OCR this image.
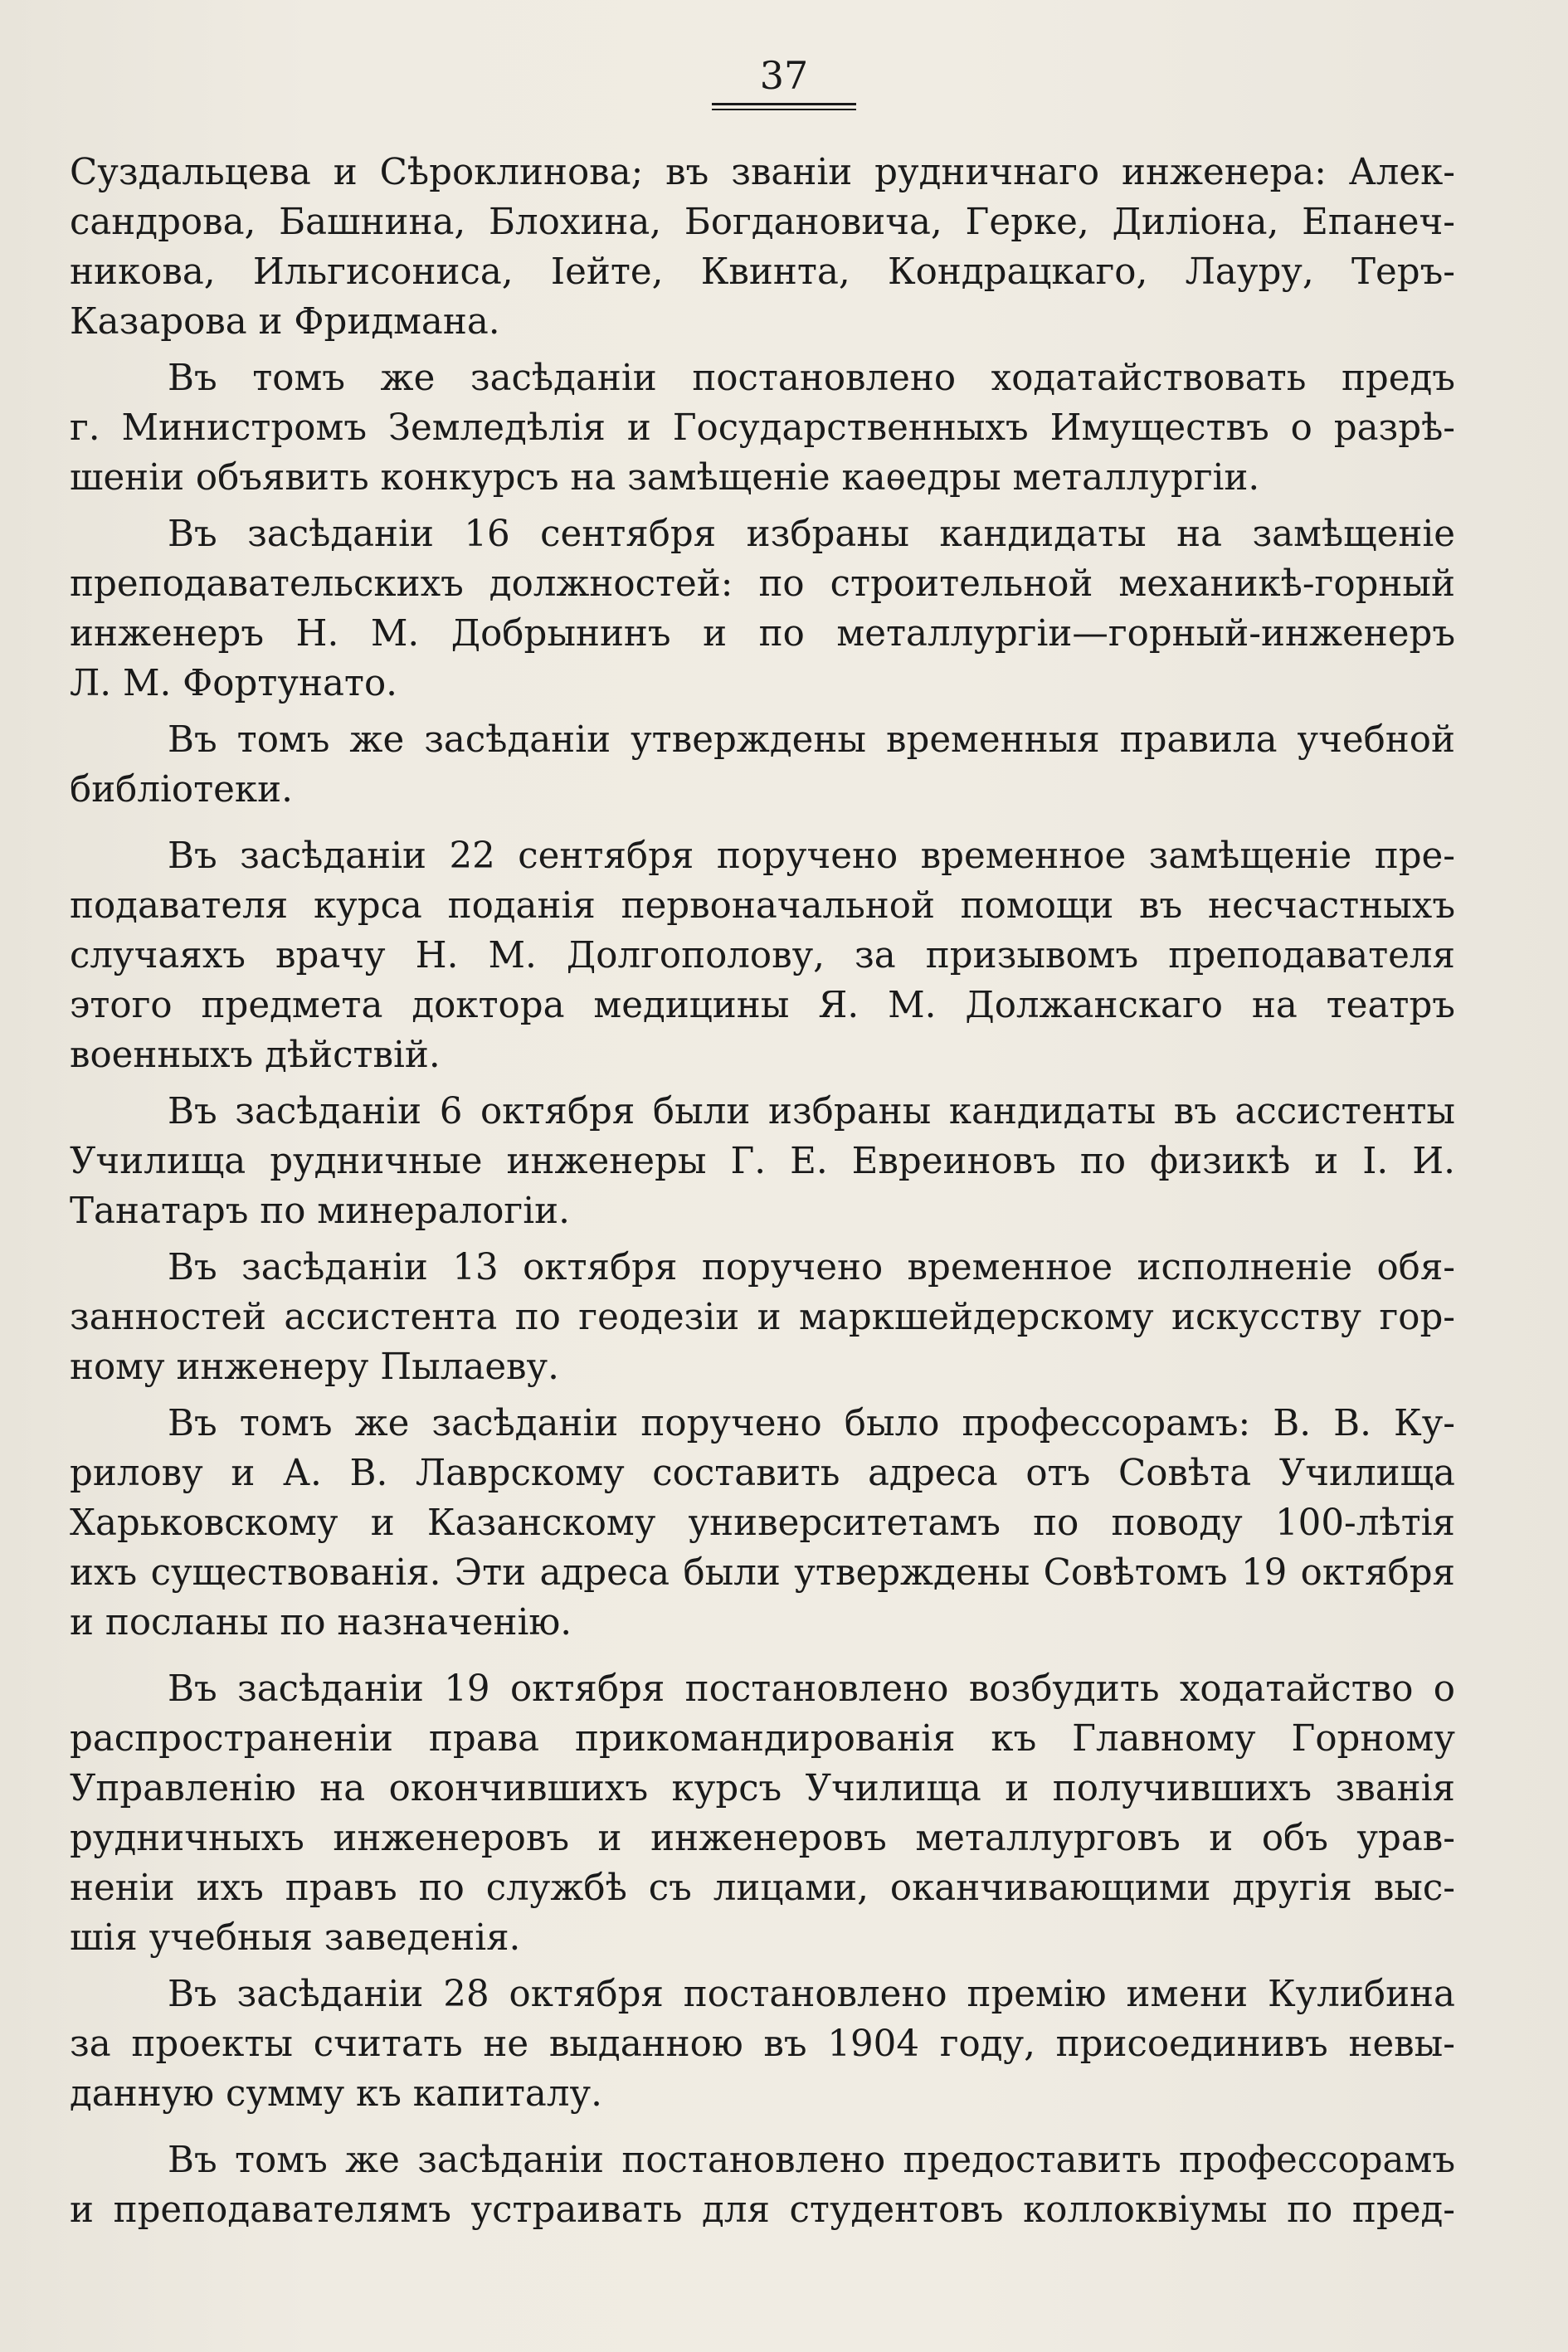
37
Суздальцева и Сѣроклинова; въ званіи рудничнаго инженера: Алек-
сандрова, Башнина, Блохина, Богдановича, Герке, Диліона, Епанеч-
никова, Ильгисониса, Іейте, Квинта, Кондрацкаго, Лауру, Теръ-
Казарова и Фридмана.
Въ томъ же засѣданіи постановлено ходатайствовать предъ
г. Министромъ Земледѣлія и Государственныхъ Имуществъ о разрѣ-
шеніи объявить конкурсъ на замѣщеніе каѳедры металлургіи.
Въ засѣданіи 16 сентября избраны кандидаты на замѣщеніе
преподавательскихъ должностей: по строительной механикѣ-горный
инженеръ Н. М. Добрынинъ и по металлургіи—горный-инженеръ
Л. М. Фортунато.
Въ томъ же засѣданіи утверждены временныя правила учебной
библіотеки.
Въ засѣданіи 22 сентября поручено временное замѣщеніе пре-
подавателя курса поданія первоначальной помощи въ несчастныхъ
случаяхъ врачу Н. М. Долгополову, за призывомъ преподавателя
этого предмета доктора медицины Я. М. Должанскаго на театръ
военныхъ дѣйствій.
Въ засѣданіи 6 октября были избраны кандидаты въ ассистенты
Училища рудничные инженеры Г. Е. Евреиновъ по физикѣ и І. И.
Танатаръ по минералогіи.
Въ засѣданіи 13 октября поручено временное исполненіе обя-
занностей ассистента по геодезіи и маркшейдерскому искусству гор-
ному инженеру Пылаеву.
Въ томъ же засѣданіи поручено было профессорамъ: В. В. Ку-
рилову и А. В. Лаврскому составить адреса отъ Совѣта Училища
Харьковскому и Казанскому университетамъ по поводу 100-лѣтія
ихъ существованія. Эти адреса были утверждены Совѣтомъ 19 октября
и посланы по назначенію.
Въ засѣданіи 19 октября постановлено возбудить ходатайство о
распространеніи права прикомандированія къ Главному Горному
Управленію на окончившихъ курсъ Училища и получившихъ званія
рудничныхъ инженеровъ и инженеровъ металлурговъ и объ урав-
неніи ихъ правъ по службѣ съ лицами, оканчивающими другія выс-
шія учебныя заведенія.
Въ засѣданіи 28 октября постановлено премію имени Кулибина
за проекты считать не выданною въ 1904 году, присоединивъ невы-
данную сумму къ капиталу.
Въ томъ же засѣданіи постановлено предоставить профессорамъ
и преподавателямъ устраивать для студентовъ коллоквіумы по пред-
